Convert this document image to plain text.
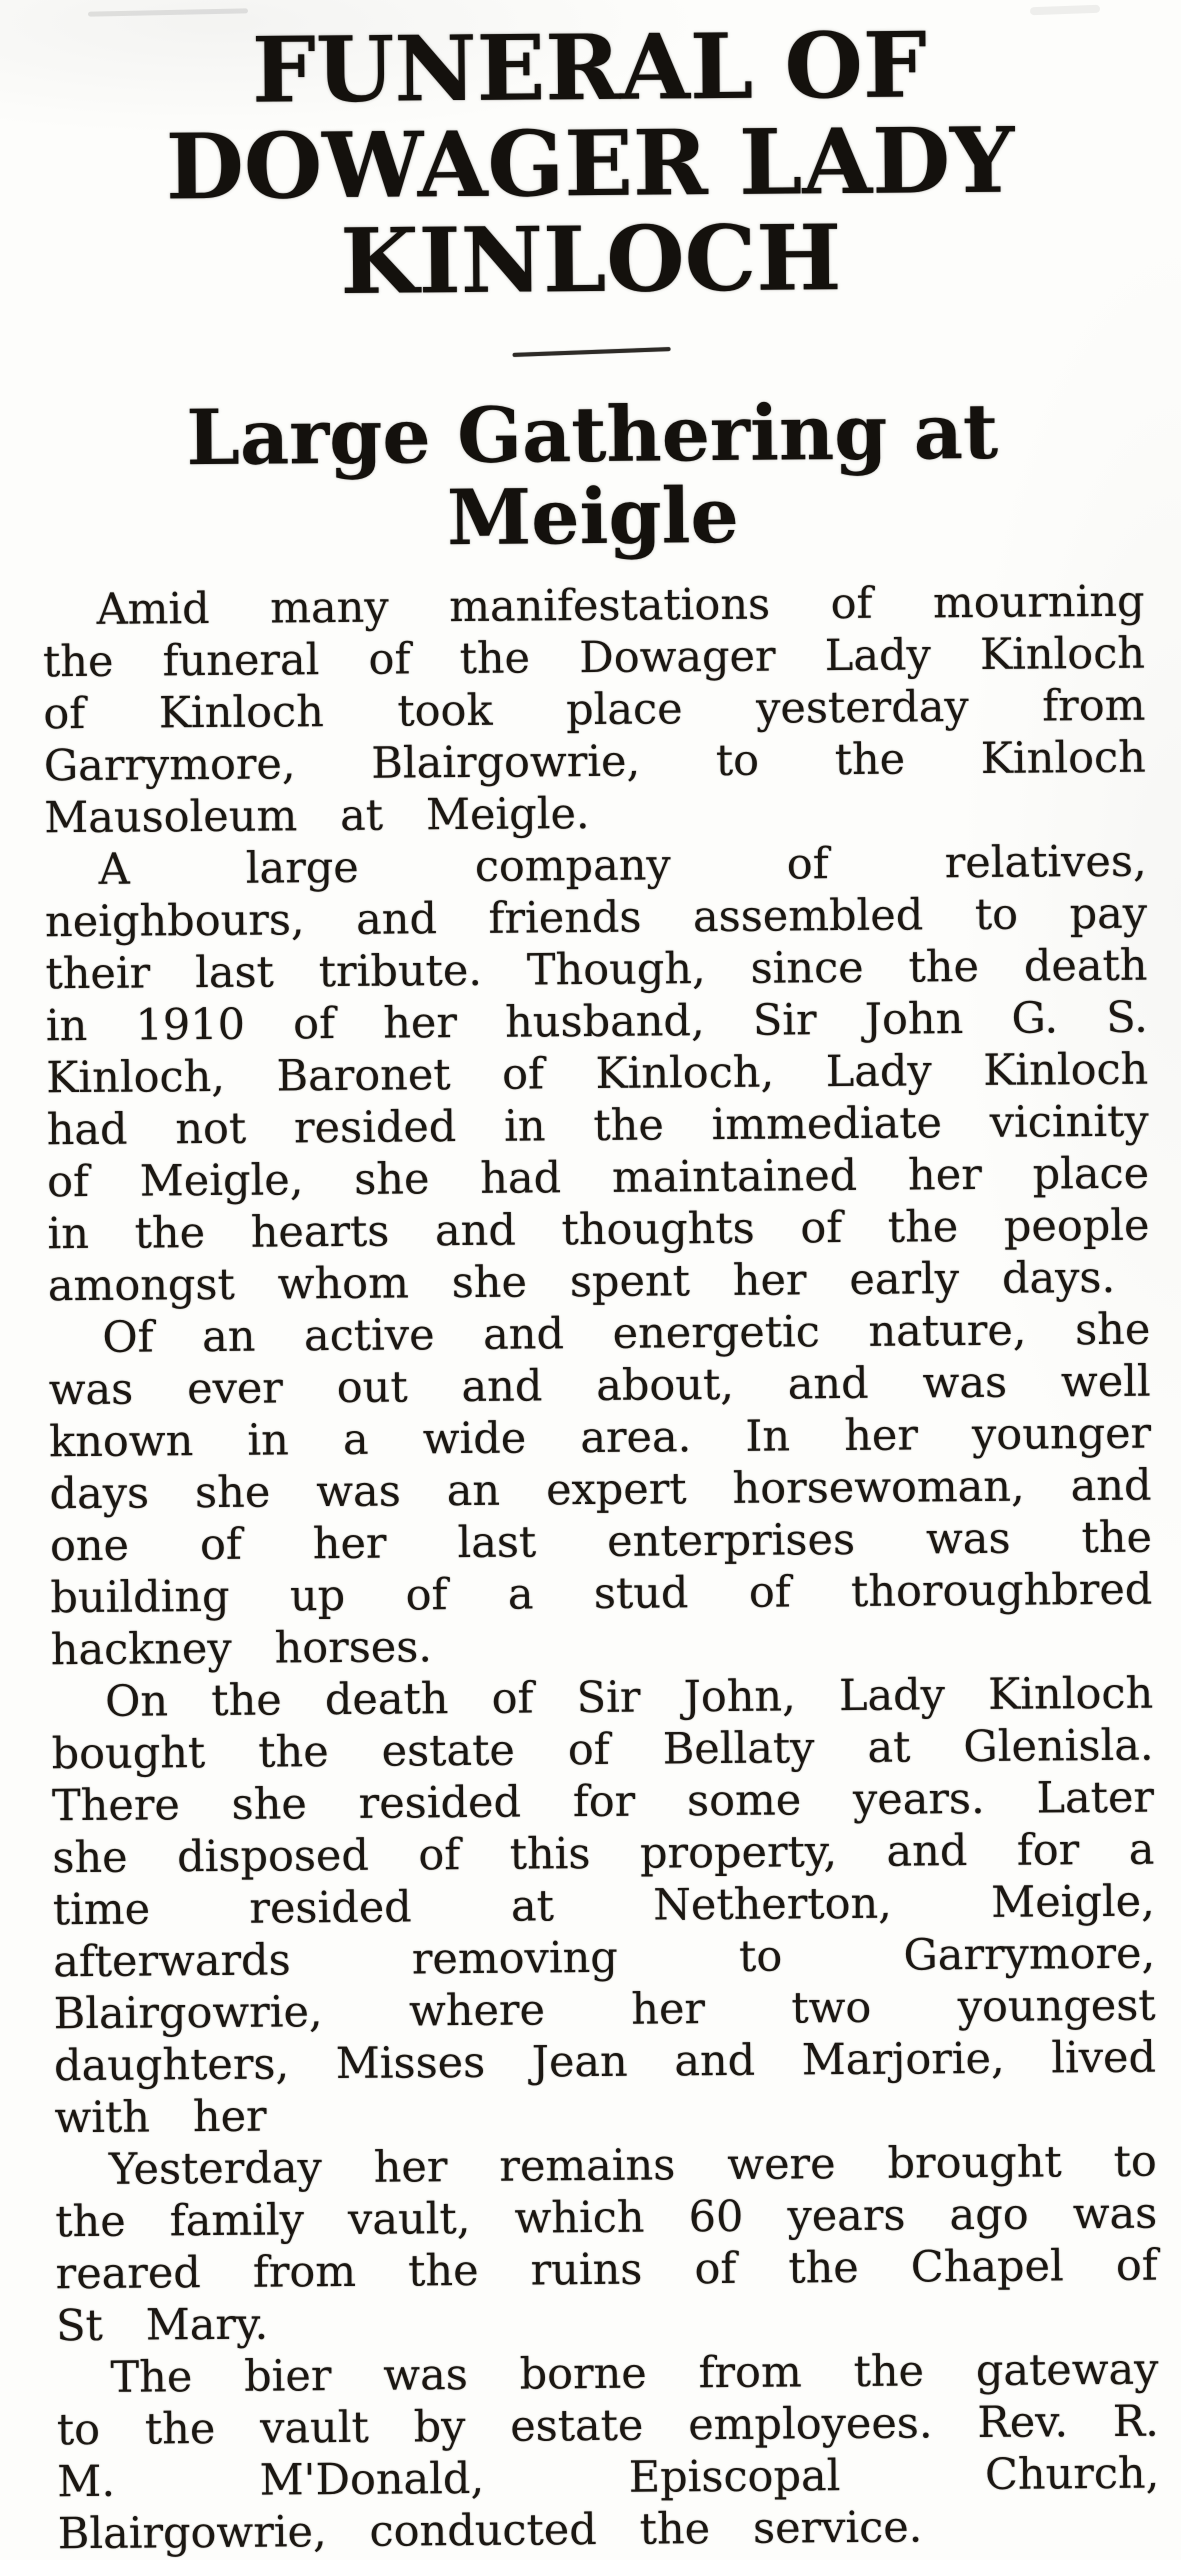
FUNERAL OF DOWAGER LADY KINLOCH
Large Gathering at Meigle

Amid many manifestations of mourning the funeral of the Dowager Lady Kinloch of Kinloch took place yesterday from Garrymore, Blairgowrie, to the Kinloch Mausoleum at Meigle.

A large company of relatives, neighbours, and friends assembled to pay their last tribute. Though, since the death in 1910 of her husband, Sir John G. S. Kinloch, Baronet of Kinloch, Lady Kinloch had not resided in the immediate vicinity of Meigle, she had maintained her place in the hearts and thoughts of the people amongst whom she spent her early days.

Of an active and energetic nature, she was ever out and about, and was well known in a wide area. In her younger days she was an expert horsewoman, and one of her last enterprises was the building up of a stud of thoroughbred hackney horses.

On the death of Sir John, Lady Kinloch bought the estate of Bellaty at Glenisla. There she resided for some years. Later she disposed of this property, and for a time resided at Netherton, Meigle, afterwards removing to Garrymore, Blairgowrie, where her two youngest daughters, Misses Jean and Marjorie, lived with her

Yesterday her remains were brought to the family vault, which 60 years ago was reared from the ruins of the Chapel of St Mary.

The bier was borne from the gateway to the vault by estate employees. Rev. R. M. M'Donald, Episcopal Church, Blairgowrie, conducted the service.
